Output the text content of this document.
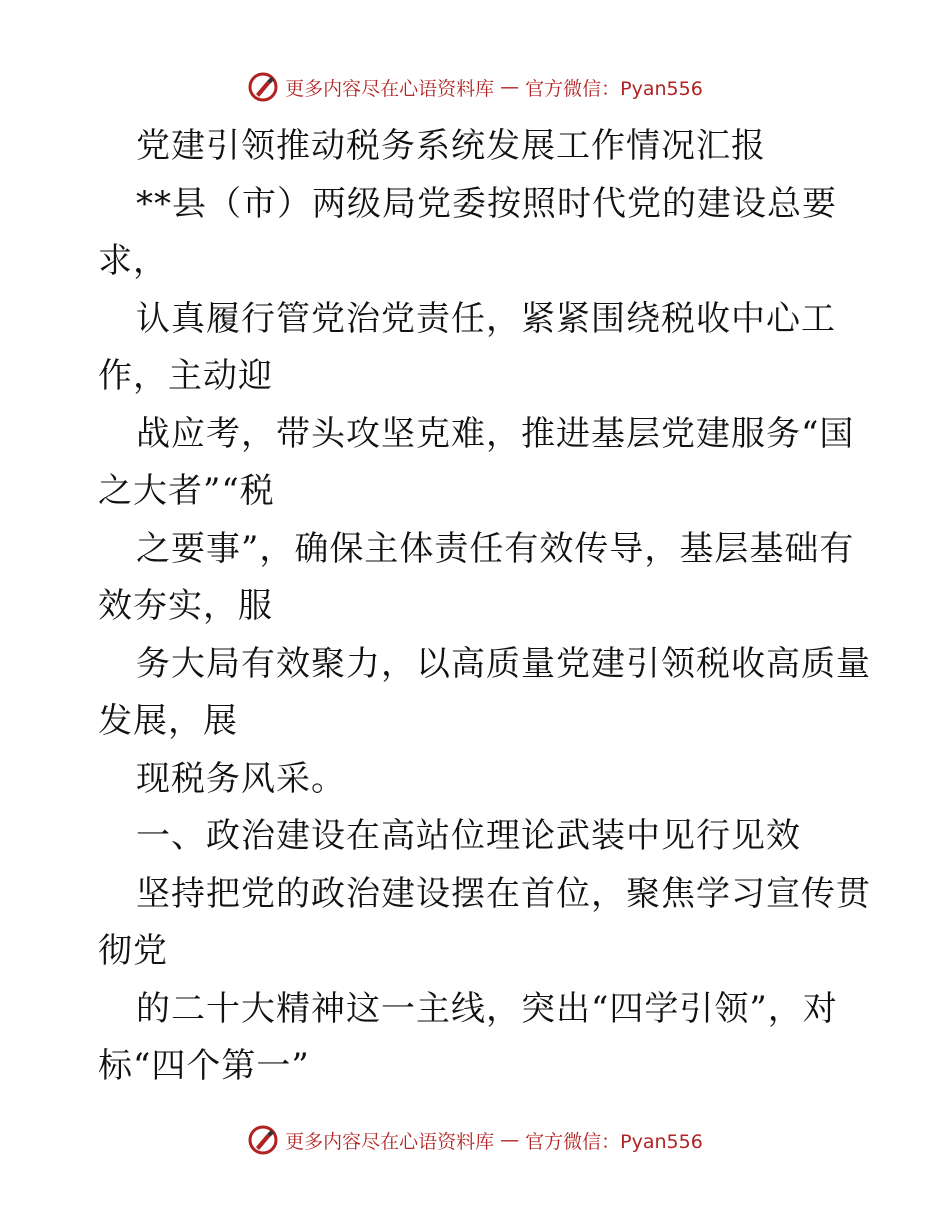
更多内容尽在心语资料库 — 官方微信：Pyan556
党建引领推动税务系统发展工作情况汇报
**县（市）两级局党委按照时代党的建设总要
求，
认真履行管党治党责任，紧紧围绕税收中心工
作，主动迎
战应考，带头攻坚克难，推进基层党建服务“国
之大者”“税
之要事”，确保主体责任有效传导，基层基础有
效夯实，服
务大局有效聚力，以高质量党建引领税收高质量
发展，展
现税务风采。
一、政治建设在高站位理论武装中见行见效
坚持把党的政治建设摆在首位，聚焦学习宣传贯
彻党
的二十大精神这一主线，突出“四学引领”，对
标“四个第一”
更多内容尽在心语资料库 — 官方微信：Pyan556
